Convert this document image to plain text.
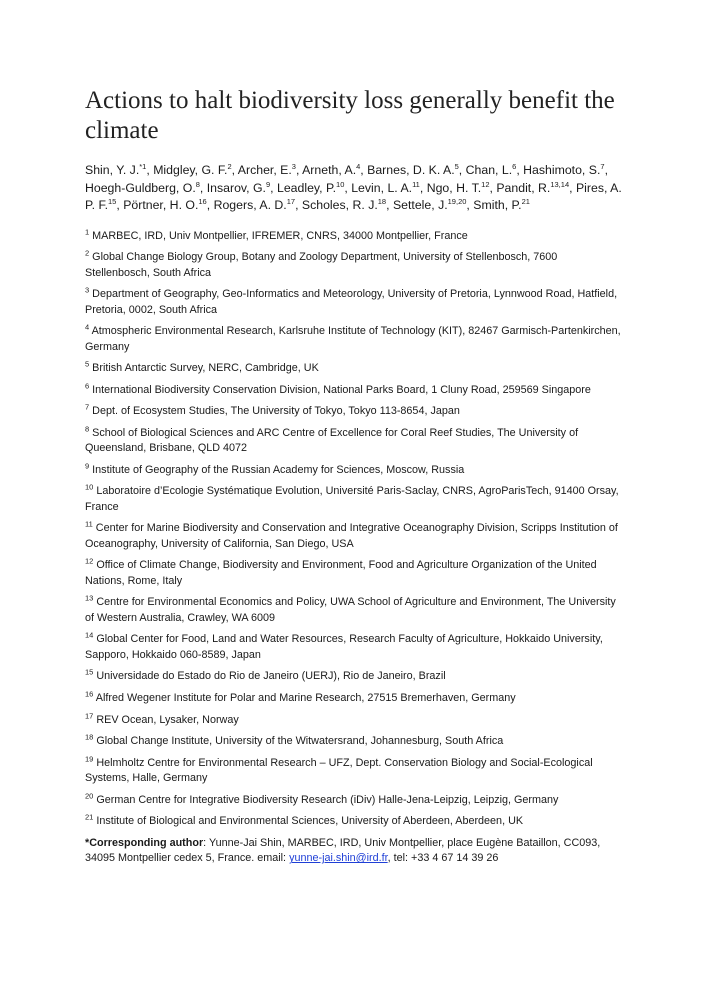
Actions to halt biodiversity loss generally benefit the climate
Shin, Y. J.$^{*1}$, Midgley, G. F.$^2$, Archer, E.$^3$, Arneth, A.$^4$, Barnes, D. K. A.$^5$, Chan, L.$^6$, Hashimoto, S.$^7$, Hoegh-Guldberg, O.$^8$, Insarov, G.$^9$, Leadley, P.$^{10}$, Levin, L. A.$^{11}$, Ngo, H. T.$^{12}$, Pandit, R.$^{13,14}$, Pires, A. P. F.$^{15}$, Pörtner, H. O.$^{16}$, Rogers, A. D.$^{17}$, Scholes, R. J.$^{18}$, Settele, J.$^{19,20}$, Smith, P.$^{21}$
$^1$ MARBEC, IRD, Univ Montpellier, IFREMER, CNRS, 34000 Montpellier, France
$^2$ Global Change Biology Group, Botany and Zoology Department, University of Stellenbosch, 7600 Stellenbosch, South Africa
$^3$ Department of Geography, Geo-Informatics and Meteorology, University of Pretoria, Lynnwood Road, Hatfield, Pretoria, 0002, South Africa
$^4$ Atmospheric Environmental Research, Karlsruhe Institute of Technology (KIT), 82467 Garmisch-Partenkirchen, Germany
$^5$ British Antarctic Survey, NERC, Cambridge, UK
$^6$ International Biodiversity Conservation Division, National Parks Board, 1 Cluny Road, 259569 Singapore
$^7$ Dept. of Ecosystem Studies, The University of Tokyo, Tokyo 113-8654, Japan
$^8$ School of Biological Sciences and ARC Centre of Excellence for Coral Reef Studies, The University of Queensland, Brisbane, QLD 4072
$^9$ Institute of Geography of the Russian Academy for Sciences, Moscow, Russia
$^{10}$ Laboratoire d’Ecologie Systématique Evolution, Université Paris-Saclay, CNRS, AgroParisTech, 91400 Orsay, France
$^{11}$ Center for Marine Biodiversity and Conservation and Integrative Oceanography Division, Scripps Institution of Oceanography, University of California, San Diego, USA
$^{12}$ Office of Climate Change, Biodiversity and Environment, Food and Agriculture Organization of the United Nations, Rome, Italy
$^{13}$ Centre for Environmental Economics and Policy, UWA School of Agriculture and Environment, The University of Western Australia, Crawley, WA 6009
$^{14}$ Global Center for Food, Land and Water Resources, Research Faculty of Agriculture, Hokkaido University, Sapporo, Hokkaido 060-8589, Japan
$^{15}$ Universidade do Estado do Rio de Janeiro (UERJ), Rio de Janeiro, Brazil
$^{16}$ Alfred Wegener Institute for Polar and Marine Research, 27515 Bremerhaven, Germany
$^{17}$ REV Ocean, Lysaker, Norway
$^{18}$ Global Change Institute, University of the Witwatersrand, Johannesburg, South Africa
$^{19}$ Helmholtz Centre for Environmental Research – UFZ, Dept. Conservation Biology and Social-Ecological Systems, Halle, Germany
$^{20}$ German Centre for Integrative Biodiversity Research (iDiv) Halle-Jena-Leipzig, Leipzig, Germany
$^{21}$ Institute of Biological and Environmental Sciences, University of Aberdeen, Aberdeen, UK
*Corresponding author: Yunne-Jai Shin, MARBEC, IRD, Univ Montpellier, place Eugène Bataillon, CC093, 34095 Montpellier cedex 5, France. email: yunne-jai.shin@ird.fr, tel: +33 4 67 14 39 26
